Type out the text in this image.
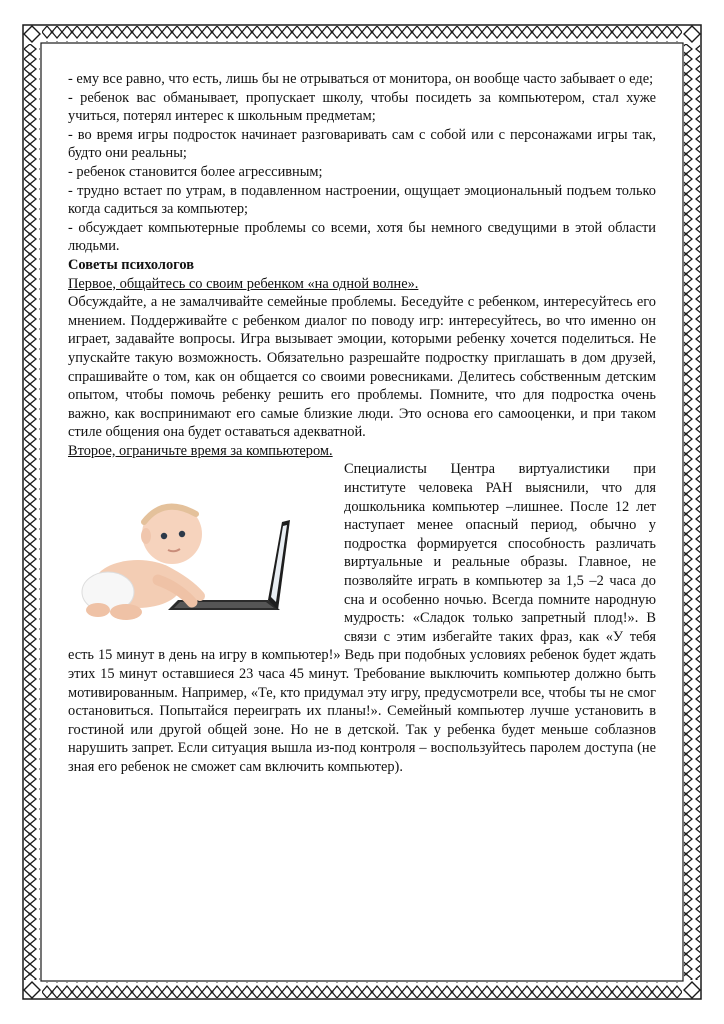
- ему все равно, что есть, лишь бы не отрываться от монитора, он вообще часто забывает о еде;

- ребенок вас обманывает, пропускает школу, чтобы посидеть за компьютером, стал хуже учиться, потерял интерес к школьным предметам;

- во время игры подросток начинает разговаривать сам с собой или с персонажами игры так, будто они реальны;

- ребенок становится более агрессивным;

- трудно встает по утрам, в подавленном настроении, ощущает эмоциональный подъем только когда садиться за компьютер;

- обсуждает компьютерные проблемы со всеми, хотя бы немного сведущими в этой области людьми.

Советы психологов

Первое, общайтесь со своим ребенком «на одной волне».

Обсуждайте, а не замалчивайте семейные проблемы. Беседуйте с ребенком, интересуйтесь его мнением. Поддерживайте с ребенком диалог по поводу игр: интересуйтесь, во что именно он играет, задавайте вопросы. Игра вызывает эмоции, которыми ребенку хочется поделиться. Не упускайте такую возможность. Обязательно разрешайте подростку приглашать в дом друзей, спрашивайте о том, как он общается со своими ровесниками. Делитесь собственным детским опытом, чтобы помочь ребенку решить его проблемы. Помните, что для подростка очень важно, как воспринимают его самые близкие люди. Это основа его самооценки, и при таком стиле общения она будет оставаться адекватной.

Второе, ограничьте время за компьютером.

Специалисты Центра виртуалистики при институте человека РАН выяснили, что для дошкольника компьютер –лишнее. После 12 лет наступает менее опасный период, обычно у подростка формируется способность различать виртуальные и реальные образы. Главное, не позволяйте играть в компьютер за 1,5 –2 часа до сна и особенно ночью. Всегда помните народную мудрость: «Сладок только запретный плод!». В связи с этим избегайте таких фраз, как «У тебя есть 15 минут в день на игру в компьютер!» Ведь при подобных условиях ребенок будет ждать этих 15 минут оставшиеся 23 часа 45 минут. Требование выключить компьютер должно быть мотивированным. Например, «Те, кто придумал эту игру, предусмотрели все, чтобы ты не смог остановиться. Попытайся переиграть их планы!». Семейный компьютер лучше установить в гостиной или другой общей зоне. Но не в детской. Так у ребенка будет меньше соблазнов нарушить запрет. Если ситуация вышла из-под контроля – воспользуйтесь паролем доступа (не зная его ребенок не сможет сам включить компьютер).
